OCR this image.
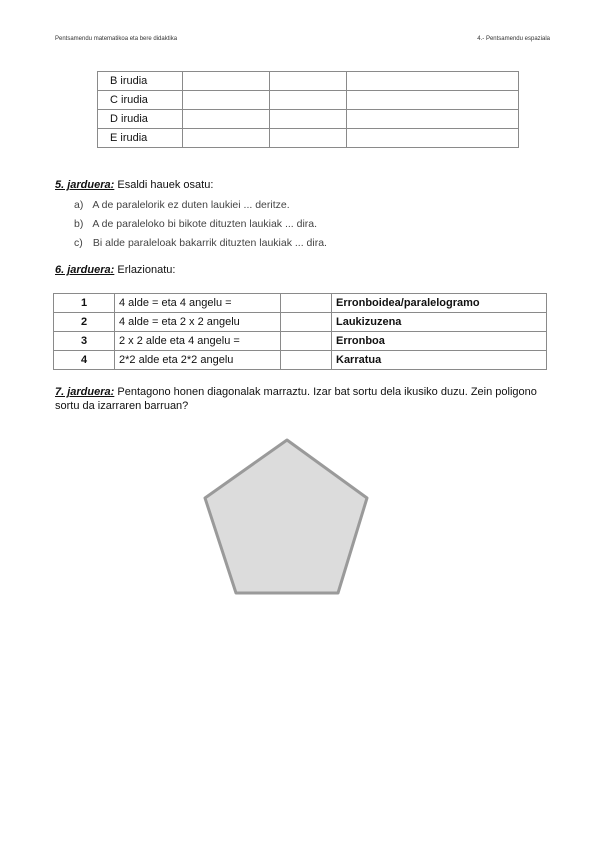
Pentsamendu matematikoa eta bere didaktika	4.- Pentsamendu espaziala
B irudia			
C irudia			
D irudia			
E irudia			
5. jarduera: Esaldi hauek osatu:
a) A de paralelorik ez duten laukiei ... deritze.
b) A de paraleloko bi bikote dituzten laukiak ... dira.
c) Bi alde paraleloak bakarrik dituzten laukiak ... dira.
6. jarduera: Erlazionatu:
1	4 alde = eta 4 angelu =		Erronboidea/paralelogramo
2	4 alde = eta 2 x 2 angelu		Laukizuzena
3	2 x 2 alde eta 4 angelu =		Erronboa
4	2*2 alde eta 2*2 angelu		Karratua
7. jarduera: Pentagono honen diagonalak marraztu. Izar bat sortu dela ikusiko duzu. Zein poligono sortu da izarraren barruan?
